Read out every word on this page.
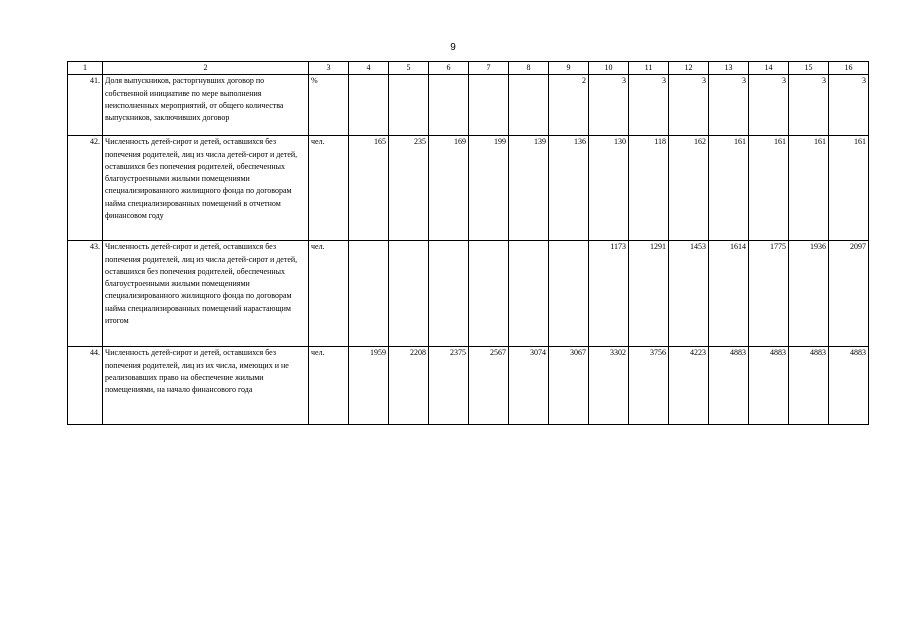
9
1	2	3	4	5	6	7	8	9	10	11	12	13	14	15	16
41.	Доля выпускников, расторгнувших договор по собственной инициативе по мере выполнения неисполненных мероприятий, от общего количества выпускников, заключивших договор	%						2	3	3	3	3	3	3	3
42.	Численность детей-сирот и детей, оставшихся без попечения родителей, лиц из числа детей-сирот и детей, оставшихся без попечения родителей, обеспеченных благоустроенными жилыми помещениями специализированного жилищного фонда по договорам найма специализированных помещений в отчетном финансовом году	чел.	165	235	169	199	139	136	130	118	162	161	161	161	161
43.	Численность детей-сирот и детей, оставшихся без попечения родителей, лиц из числа детей-сирот и детей, оставшихся без попечения родителей, обеспеченных благоустроенными жилыми помещениями специализированного жилищного фонда по договорам найма специализированных помещений нарастающим итогом	чел.							1173	1291	1453	1614	1775	1936	2097
44.	Численность детей-сирот и детей, оставшихся без попечения родителей, лиц из их числа, имеющих и не реализовавших право на обеспечение жилыми помещениями, на начало финансового года	чел.	1959	2208	2375	2567	3074	3067	3302	3756	4223	4883	4883	4883	4883
